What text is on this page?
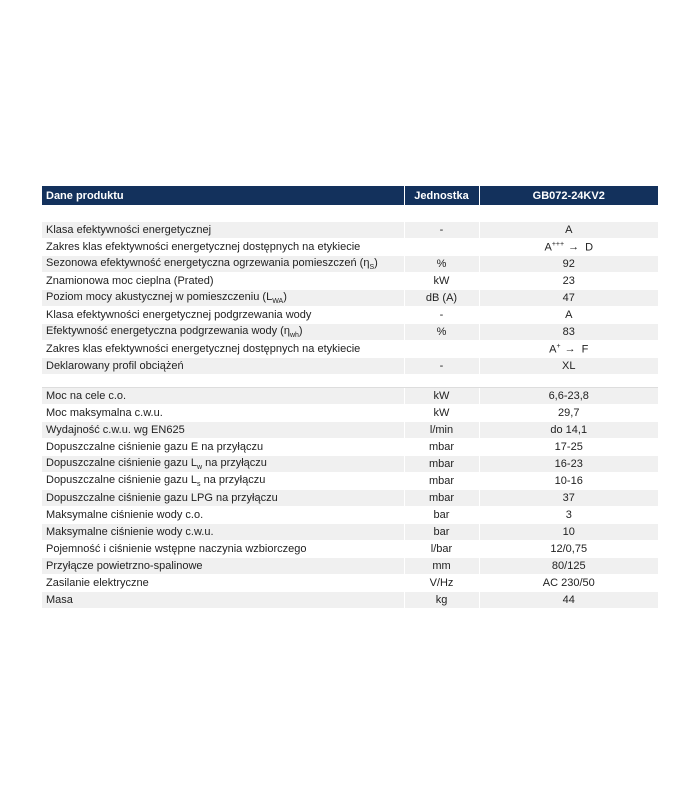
Dane produktu	Jednostka	GB072-24KV2
Dane ErP		
Klasa efektywności energetycznej	-	A
Zakres klas efektywności energetycznej dostępnych na etykiecie		A+++ → D
Sezonowa efektywność energetyczna ogrzewania pomieszczeń $(\eta_S)$	%	92
Znamionowa moc cieplna (Prated)	kW	23
Poziom mocy akustycznej w pomieszczeniu $(L_{WA})$	dB (A)	47
Klasa efektywności energetycznej podgrzewania wody	-	A
Efektywność energetyczna podgrzewania wody $(\eta_{wh})$	%	83
Zakres klas efektywności energetycznej dostępnych na etykiecie		A+ → F
Deklarowany profil obciążeń	-	XL

Moc na cele c.o.	kW	6,6-23,8
Moc maksymalna c.w.u.	kW	29,7
Wydajność c.w.u. wg EN625	l/min	do 14,1
Dopuszczalne ciśnienie gazu E na przyłączu	mbar	17-25
Dopuszczalne ciśnienie gazu $L_w$ na przyłączu	mbar	16-23
Dopuszczalne ciśnienie gazu $L_s$ na przyłączu	mbar	10-16
Dopuszczalne ciśnienie gazu LPG na przyłączu	mbar	37
Maksymalne ciśnienie wody c.o.	bar	3
Maksymalne ciśnienie wody c.w.u.	bar	10
Pojemność i ciśnienie wstępne naczynia wzbiorczego	l/bar	12/0,75
Przyłącze powietrzno-spalinowe	mm	80/125
Zasilanie elektryczne	V/Hz	AC 230/50
Masa	kg	44
